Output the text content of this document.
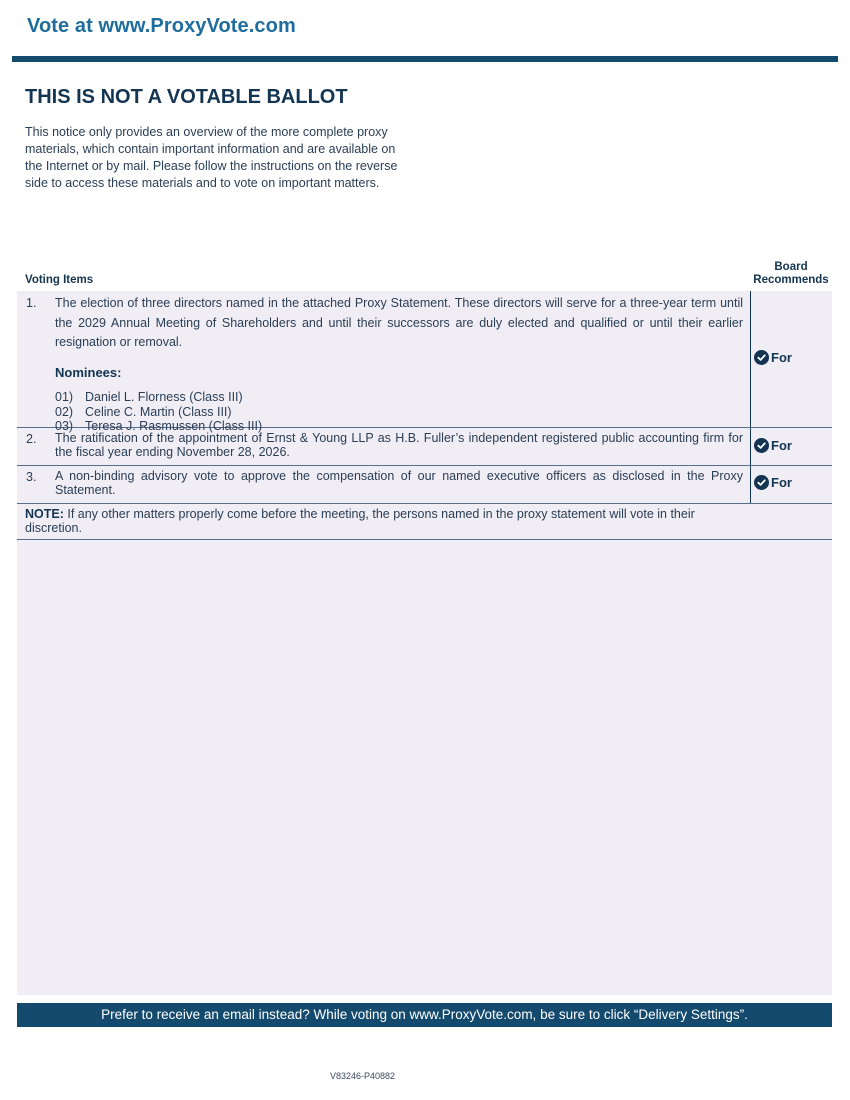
Vote at www.ProxyVote.com
THIS IS NOT A VOTABLE BALLOT
This notice only provides an overview of the more complete proxy materials, which contain important information and are available on the Internet or by mail. Please follow the instructions on the reverse side to access these materials and to vote on important matters.
Voting Items
Board
Recommends
1. The election of three directors named in the attached Proxy Statement. These directors will serve for a three-year term until the 2029 Annual Meeting of Shareholders and until their successors are duly elected and qualified or until their earlier resignation or removal.
Nominees:
01) Daniel L. Florness (Class III)
02) Celine C. Martin (Class III)
03) Teresa J. Rasmussen (Class III)
For
2. The ratification of the appointment of Ernst & Young LLP as H.B. Fuller’s independent registered public accounting firm for the fiscal year ending November 28, 2026.	For
3. A non-binding advisory vote to approve the compensation of our named executive officers as disclosed in the Proxy Statement.	For
NOTE: If any other matters properly come before the meeting, the persons named in the proxy statement will vote in their discretion.
Prefer to receive an email instead? While voting on www.ProxyVote.com, be sure to click “Delivery Settings”.
V83246-P40882
